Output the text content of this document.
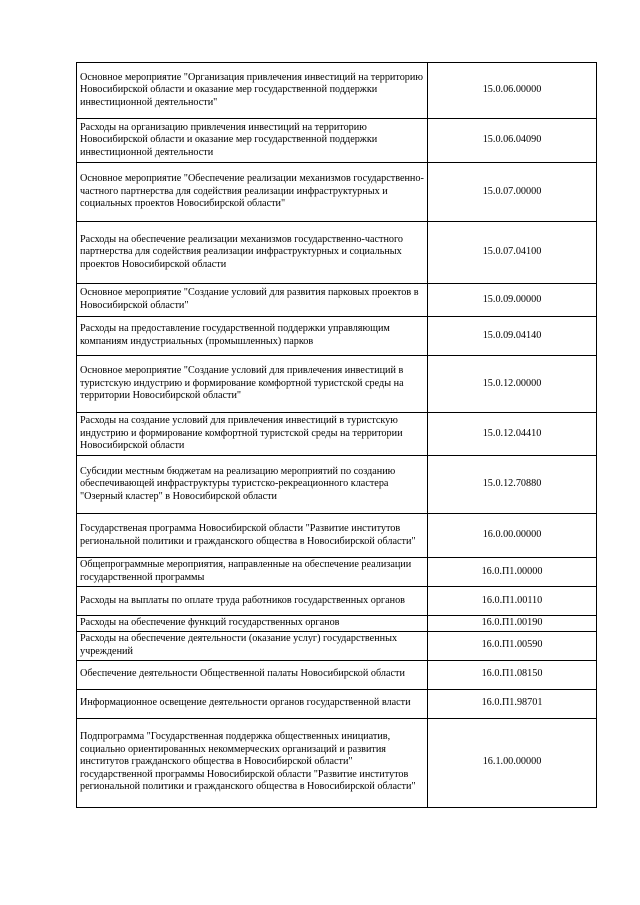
Основное мероприятие "Организация привлечения инвестиций на территорию Новосибирской области и оказание мер государственной поддержки инвестиционной деятельности"	15.0.06.00000
Расходы на организацию привлечения инвестиций на территорию Новосибирской области и оказание мер государственной поддержки инвестиционной деятельности	15.0.06.04090
Основное мероприятие "Обеспечение реализации механизмов государственно-частного партнерства для содействия реализации инфраструктурных и социальных проектов Новосибирской области"	15.0.07.00000
Расходы на обеспечение реализации механизмов государственно-частного партнерства для содействия реализации инфраструктурных и социальных проектов Новосибирской области	15.0.07.04100
Основное мероприятие "Создание условий для развития парковых проектов в Новосибирской области"	15.0.09.00000
Расходы на предоставление государственной поддержки управляющим компаниям индустриальных (промышленных) парков	15.0.09.04140
Основное мероприятие "Создание условий для привлечения инвестиций в туристскую индустрию и формирование комфортной туристской среды на территории Новосибирской области"	15.0.12.00000
Расходы на создание условий для привлечения инвестиций в туристскую индустрию и формирование комфортной туристской среды на территории Новосибирской области	15.0.12.04410
Субсидии местным бюджетам на реализацию мероприятий по созданию обеспечивающей инфраструктуры туристско-рекреационного кластера "Озерный кластер" в Новосибирской области	15.0.12.70880
Государственая программа Новосибирской области "Развитие институтов региональной политики и гражданского общества в Новосибирской области"	16.0.00.00000
Общепрограммные мероприятия, направленные на обеспечение реализации государственной программы	16.0.П1.00000
Расходы на выплаты по оплате труда работников государственных органов	16.0.П1.00110
Расходы на обеспечение функций государственных органов	16.0.П1.00190
Расходы на обеспечение деятельности (оказание услуг) государственных учреждений	16.0.П1.00590
Обеспечение деятельности Общественной палаты Новосибирской области	16.0.П1.08150
Информационное освещение деятельности органов государственной власти	16.0.П1.98701
Подпрограмма "Государственная поддержка общественных инициатив, социально ориентированных некоммерческих организаций и развития институтов гражданского общества в Новосибирской области" государственной программы Новосибирской области "Развитие институтов региональной политики и гражданского общества в Новосибирской области"	16.1.00.00000
